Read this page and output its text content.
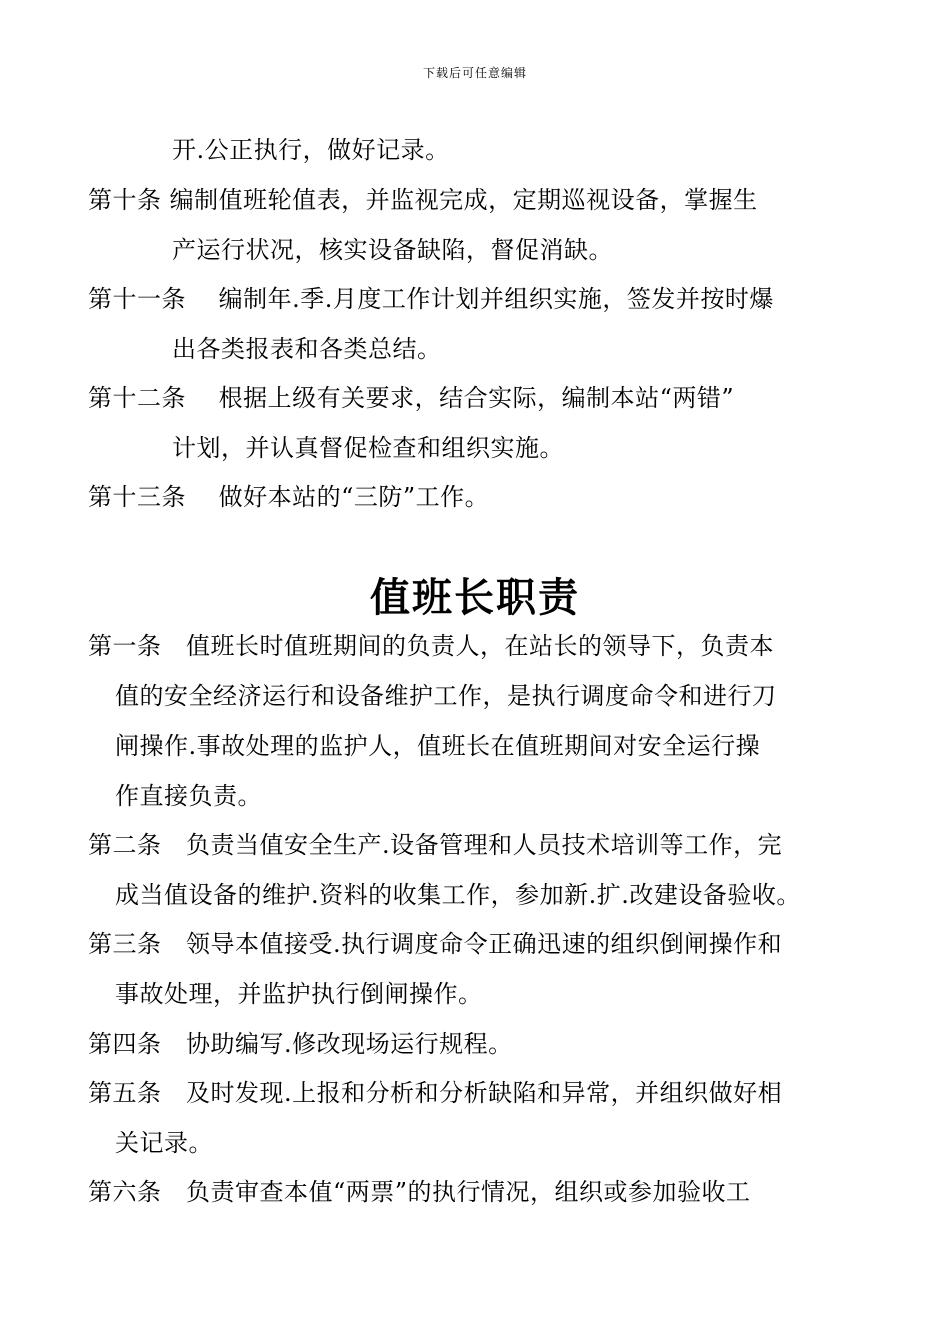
下载后可任意编辑
开.公正执行，做好记录。
第十条 编制值班轮值表，并监视完成，定期巡视设备，掌握生
产运行状况，核实设备缺陷，督促消缺。
第十一条　 编制年.季.月度工作计划并组织实施，签发并按时爆
出各类报表和各类总结。
第十二条　 根据上级有关要求，结合实际，编制本站“两错”
计划，并认真督促检查和组织实施。
第十三条　 做好本站的“三防”工作。
值班长职责
第一条　值班长时值班期间的负责人，在站长的领导下，负责本
值的安全经济运行和设备维护工作，是执行调度命令和进行刀
闸操作.事故处理的监护人，值班长在值班期间对安全运行操
作直接负责。
第二条　负责当值安全生产.设备管理和人员技术培训等工作，完
成当值设备的维护.资料的收集工作，参加新.扩.改建设备验收。
第三条　领导本值接受.执行调度命令正确迅速的组织倒闸操作和
事故处理，并监护执行倒闸操作。
第四条　协助编写.修改现场运行规程。
第五条　及时发现.上报和分析和分析缺陷和异常，并组织做好相
关记录。
第六条　负责审查本值“两票”的执行情况，组织或参加验收工
